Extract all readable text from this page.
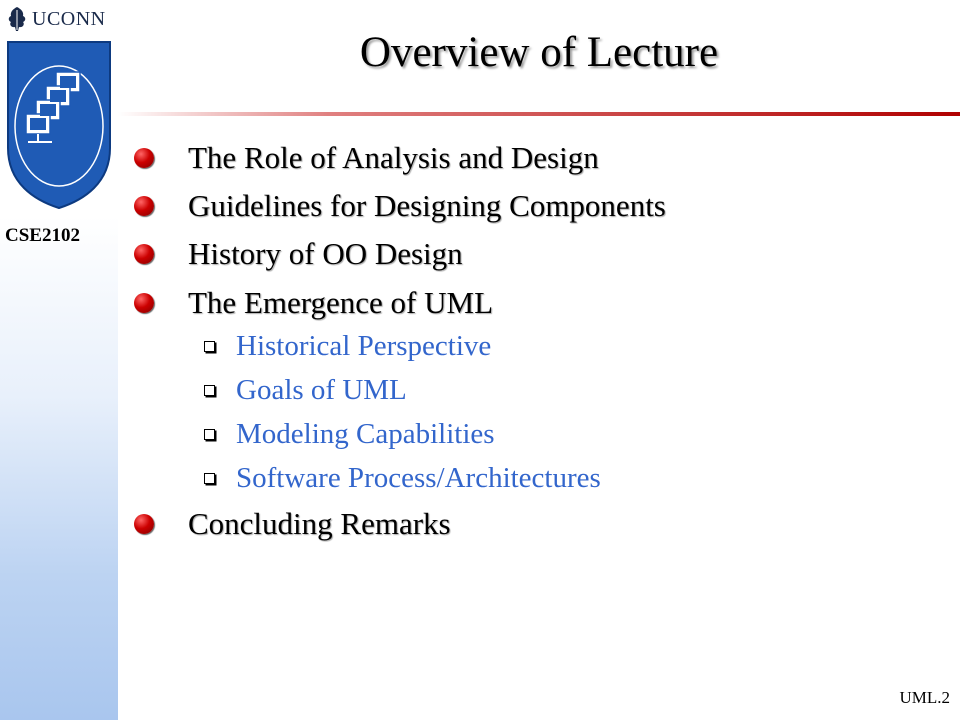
UCONN
CSE2102
Overview of Lecture
The Role of Analysis and Design
Guidelines for Designing Components
History of OO Design
The Emergence of UML
Historical Perspective
Goals of UML
Modeling Capabilities
Software Process/Architectures
Concluding Remarks
UML.2
